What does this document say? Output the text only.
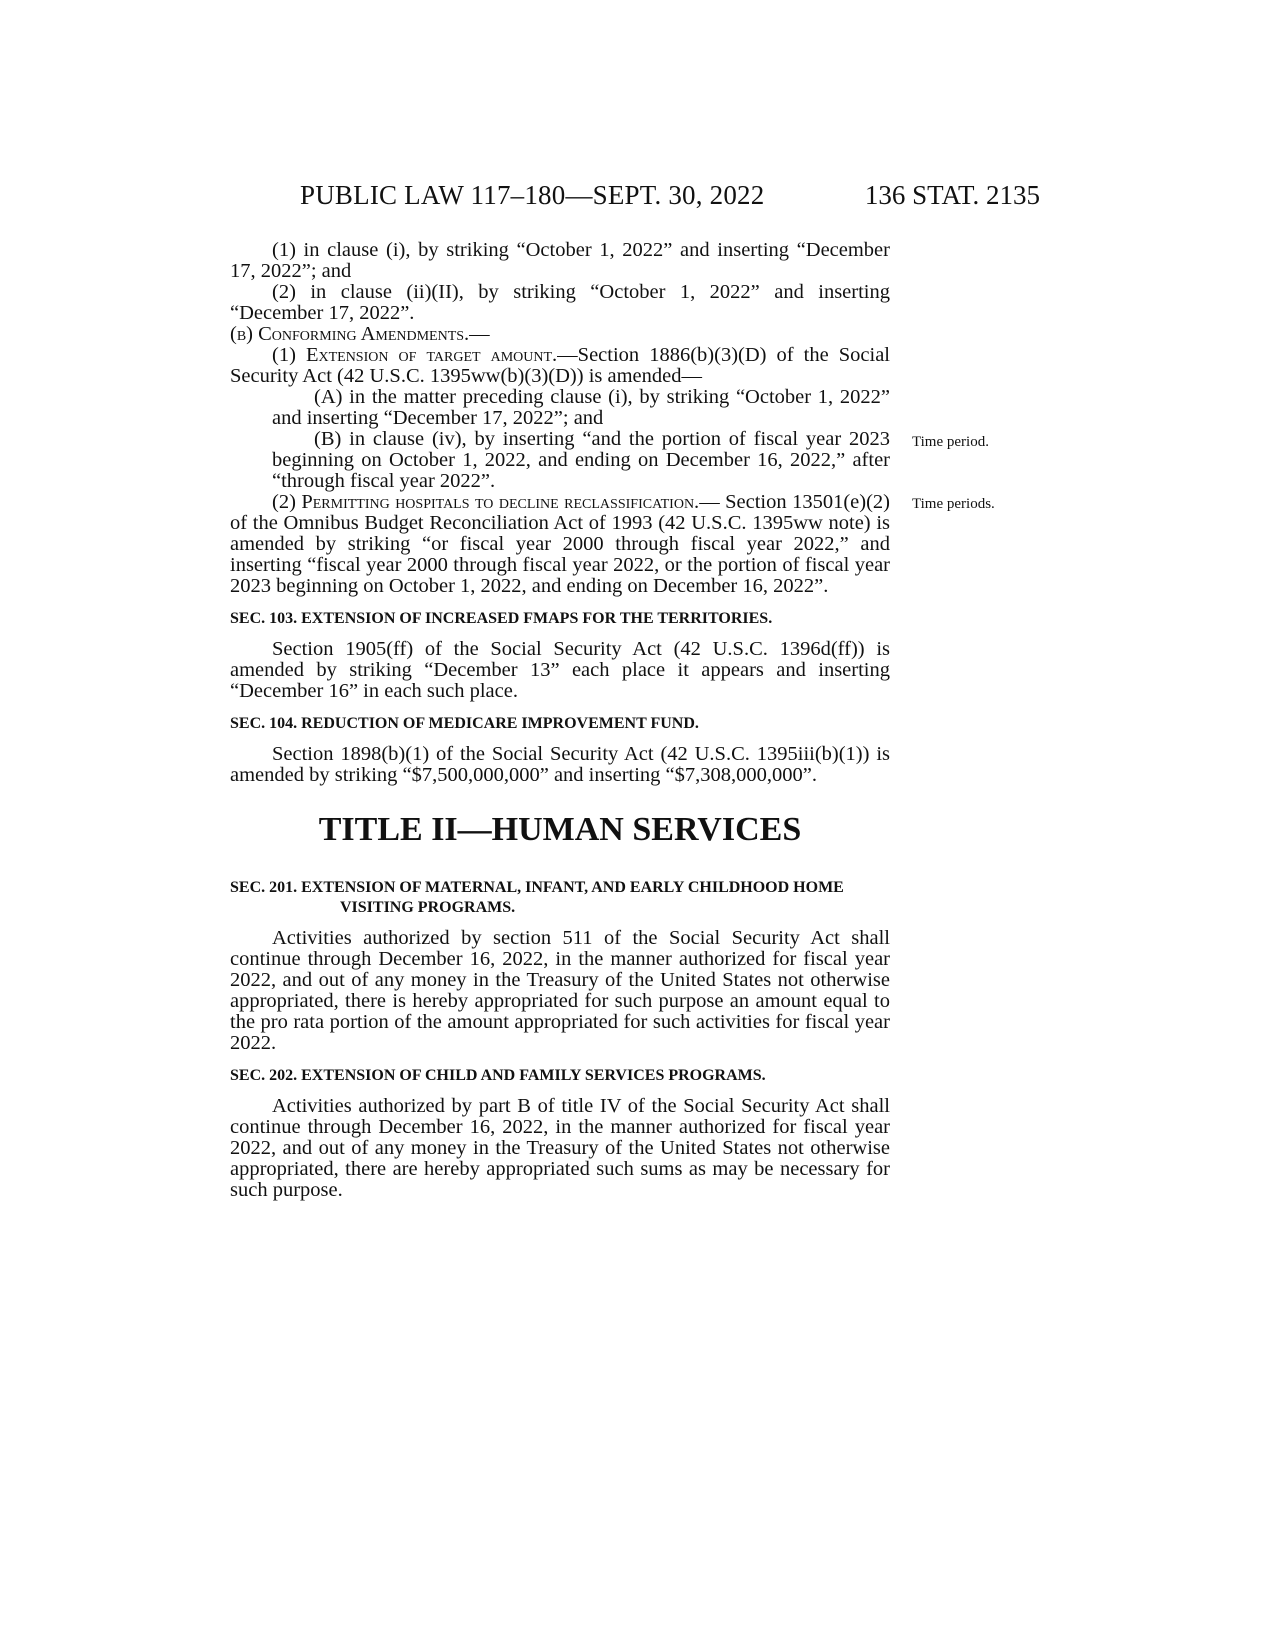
PUBLIC LAW 117–180—SEPT. 30, 2022	136 STAT. 2135
Time period.
Time periods.

(1) in clause (i), by striking “October 1, 2022” and inserting “December 17, 2022”; and

(2) in clause (ii)(II), by striking “October 1, 2022” and inserting “December 17, 2022”.

(b) Conforming Amendments.—

(1) Extension of target amount.—Section 1886(b)(3)(D) of the Social Security Act (42 U.S.C. 1395ww(b)(3)(D)) is amended—

(A) in the matter preceding clause (i), by striking “October 1, 2022” and inserting “December 17, 2022”; and

(B) in clause (iv), by inserting “and the portion of fiscal year 2023 beginning on October 1, 2022, and ending on December 16, 2022,” after “through fiscal year 2022”.

(2) Permitting hospitals to decline reclassification.— Section 13501(e)(2) of the Omnibus Budget Reconciliation Act of 1993 (42 U.S.C. 1395ww note) is amended by striking “or fiscal year 2000 through fiscal year 2022,” and inserting “fiscal year 2000 through fiscal year 2022, or the portion of fiscal year 2023 beginning on October 1, 2022, and ending on December 16, 2022”.

SEC. 103. EXTENSION OF INCREASED FMAPS FOR THE TERRITORIES.

Section 1905(ff) of the Social Security Act (42 U.S.C. 1396d(ff)) is amended by striking “December 13” each place it appears and inserting “December 16” in each such place.

SEC. 104. REDUCTION OF MEDICARE IMPROVEMENT FUND.

Section 1898(b)(1) of the Social Security Act (42 U.S.C. 1395iii(b)(1)) is amended by striking “$7,500,000,000” and inserting “$7,308,000,000”.

TITLE II—HUMAN SERVICES
SEC. 201. EXTENSION OF MATERNAL, INFANT, AND EARLY CHILDHOOD HOME VISITING PROGRAMS.

Activities authorized by section 511 of the Social Security Act shall continue through December 16, 2022, in the manner authorized for fiscal year 2022, and out of any money in the Treasury of the United States not otherwise appropriated, there is hereby appropriated for such purpose an amount equal to the pro rata portion of the amount appropriated for such activities for fiscal year 2022.

SEC. 202. EXTENSION OF CHILD AND FAMILY SERVICES PROGRAMS.

Activities authorized by part B of title IV of the Social Security Act shall continue through December 16, 2022, in the manner authorized for fiscal year 2022, and out of any money in the Treasury of the United States not otherwise appropriated, there are hereby appropriated such sums as may be necessary for such purpose.
